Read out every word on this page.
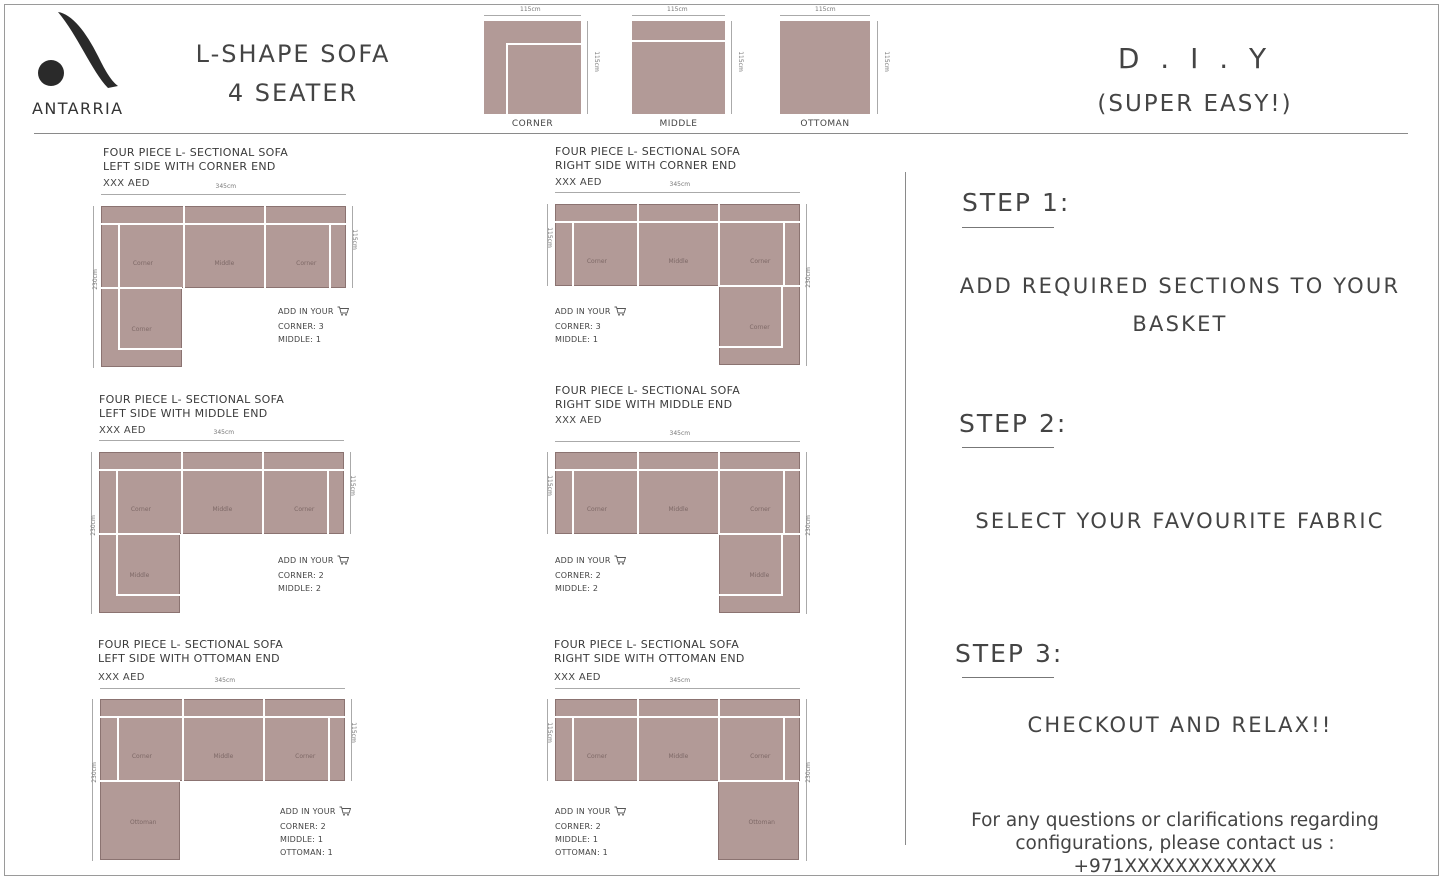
ANTARRIA
L-SHAPE SOFA
4 SEATER
D . I . Y
(SUPER EASY!)
115cm
115cm
CORNER
115cm
115cm
MIDDLE
115cm
115cm
OTTOMAN
FOUR PIECE L- SECTIONAL SOFA
LEFT SIDE WITH CORNER END
XXX AED	345cm
Corner	Middle	Corner
Corner
115cm
230cm
ADD IN YOUR
CORNER: 3
MIDDLE: 1
FOUR PIECE L- SECTIONAL SOFA
RIGHT SIDE WITH CORNER END
XXX AED	345cm
Corner	Middle	Corner
Corner
115cm
230cm
ADD IN YOUR
CORNER: 3
MIDDLE: 1
FOUR PIECE L- SECTIONAL SOFA
LEFT SIDE WITH MIDDLE END
XXX AED	345cm
Corner	Middle	Corner
Middle
115cm
230cm
ADD IN YOUR
CORNER: 2
MIDDLE: 2
FOUR PIECE L- SECTIONAL SOFA
RIGHT SIDE WITH MIDDLE END
XXX AED
345cm
Corner	Middle	Corner
Middle
115cm
230cm
ADD IN YOUR
CORNER: 2
MIDDLE: 2
FOUR PIECE L- SECTIONAL SOFA
LEFT SIDE WITH OTTOMAN END
XXX AED	345cm
Corner	Middle	Corner
Ottoman
115cm
230cm
ADD IN YOUR
CORNER: 2
MIDDLE: 1
OTTOMAN: 1
FOUR PIECE L- SECTIONAL SOFA
RIGHT SIDE WITH OTTOMAN END
XXX AED	345cm
Corner	Middle	Corner
Ottoman
115cm
230cm
ADD IN YOUR
CORNER: 2
MIDDLE: 1
OTTOMAN: 1
STEP 1:
ADD REQUIRED SECTIONS TO YOUR
BASKET
STEP 2:
SELECT YOUR FAVOURITE FABRIC
STEP 3:
CHECKOUT AND RELAX!!
For any questions or clarifications regarding
configurations, please contact us : +971XXXXXXXXXXXX
